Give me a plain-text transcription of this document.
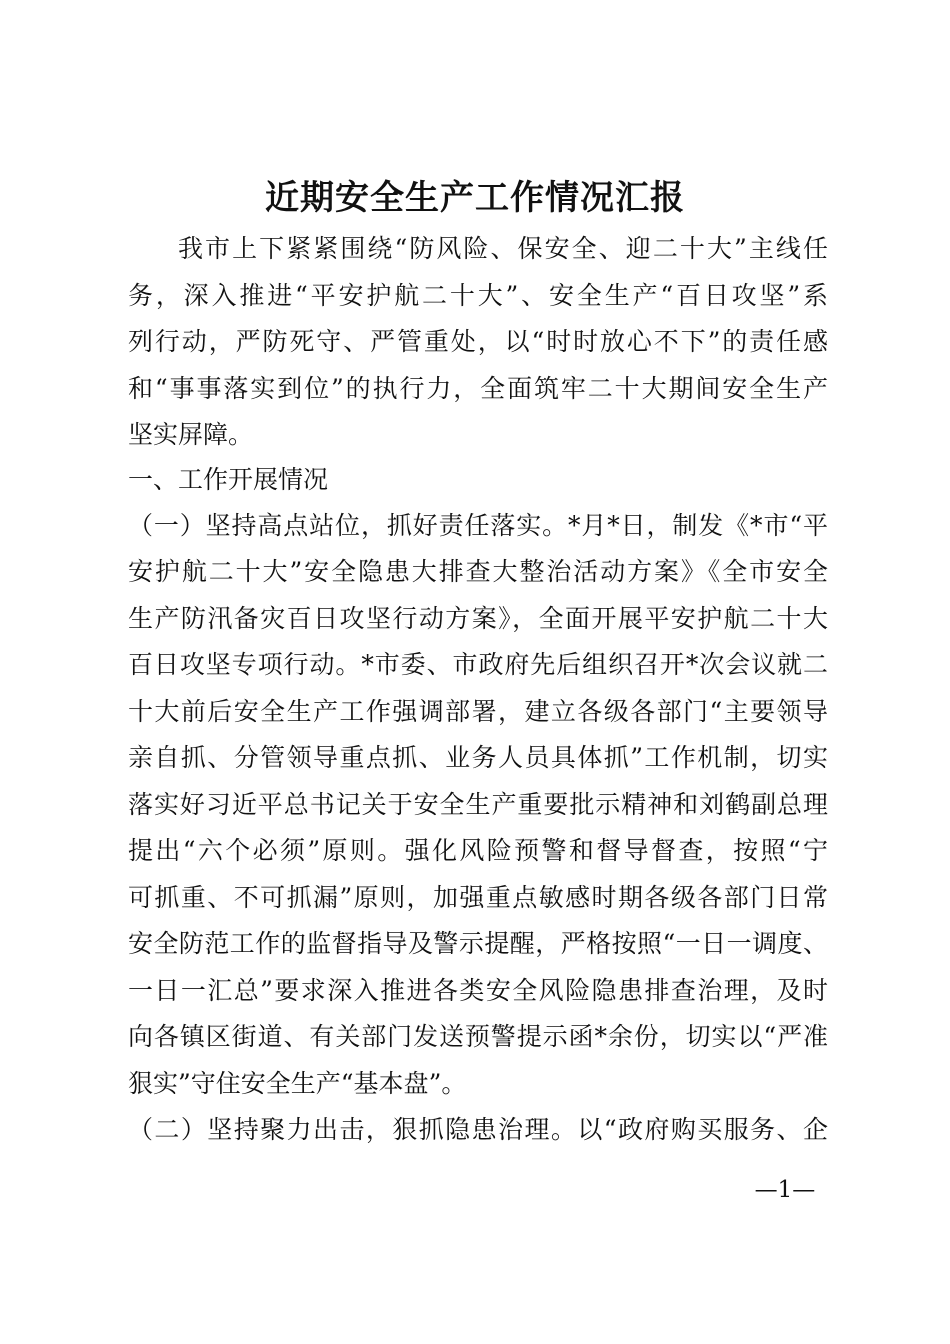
近期安全生产工作情况汇报
我市上下紧紧围绕“防风险、保安全、迎二十大”主线任
务，深入推进“平安护航二十大”、安全生产“百日攻坚”系
列行动，严防死守、严管重处，以“时时放心不下”的责任感
和“事事落实到位”的执行力，全面筑牢二十大期间安全生产
坚实屏障。
一、工作开展情况
（一）坚持高点站位，抓好责任落实。*月*日，制发《*市“平
安护航二十大”安全隐患大排查大整治活动方案》《全市安全
生产防汛备灾百日攻坚行动方案》，全面开展平安护航二十大
百日攻坚专项行动。*市委、市政府先后组织召开*次会议就二
十大前后安全生产工作强调部署，建立各级各部门“主要领导
亲自抓、分管领导重点抓、业务人员具体抓”工作机制，切实
落实好习近平总书记关于安全生产重要批示精神和刘鹤副总理
提出“六个必须”原则。强化风险预警和督导督查，按照“宁
可抓重、不可抓漏”原则，加强重点敏感时期各级各部门日常
安全防范工作的监督指导及警示提醒，严格按照“一日一调度、
一日一汇总”要求深入推进各类安全风险隐患排查治理，及时
向各镇区街道、有关部门发送预警提示函*余份，切实以“严准
狠实”守住安全生产“基本盘”。
（二）坚持聚力出击，狠抓隐患治理。以“政府购买服务、企
—1—
